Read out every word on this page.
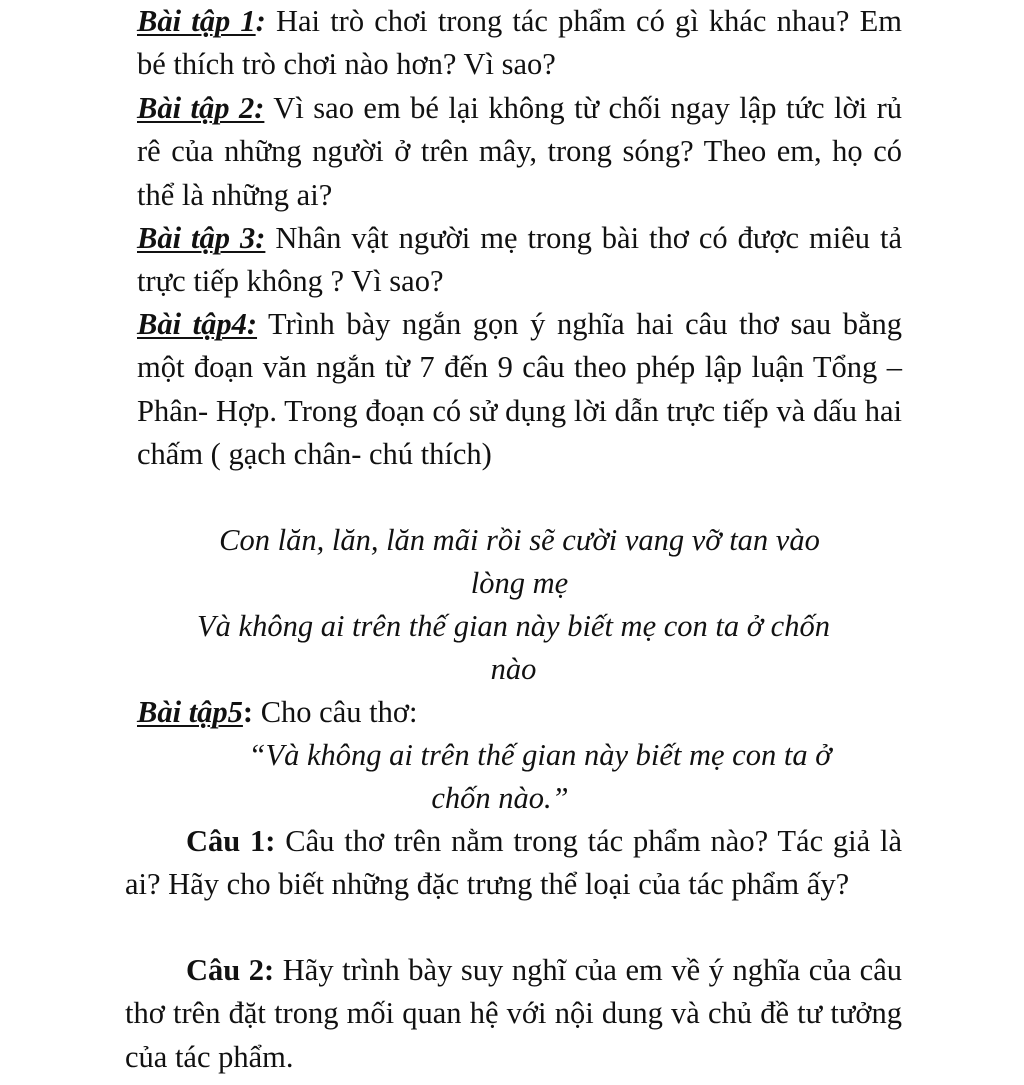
Bài tập 1: Hai trò chơi trong tác phẩm có gì khác nhau? Em bé thích trò chơi nào hơn? Vì sao?

Bài tập 2: Vì sao em bé lại không từ chối ngay lập tức lời rủ rê của những người ở trên mây, trong sóng? Theo em, họ có thể là những ai?

Bài tập 3: Nhân vật người mẹ trong bài thơ có được miêu tả trực tiếp không ? Vì sao?

Bài tập4: Trình bày ngắn gọn ý nghĩa hai câu thơ sau bằng một đoạn văn ngắn từ 7 đến 9 câu theo phép lập luận Tổng –Phân- Hợp. Trong đoạn có sử dụng lời dẫn trực tiếp và dấu hai chấm ( gạch chân- chú thích)

Con lăn, lăn, lăn mãi rồi sẽ cười vang vỡ tan vào

lòng mẹ

Và không ai trên thế gian này biết mẹ con ta ở chốn

nào

Bài tập5: Cho câu thơ:

“Và không ai trên thế gian này biết mẹ con ta ở

chốn nào.”

Câu 1: Câu thơ trên nằm trong tác phẩm nào? Tác giả là ai? Hãy cho biết những đặc trưng thể loại của tác phẩm ấy?

Câu 2: Hãy trình bày suy nghĩ của em về ý nghĩa của câu thơ trên đặt trong mối quan hệ với nội dung và chủ đề tư tưởng của tác phẩm.
